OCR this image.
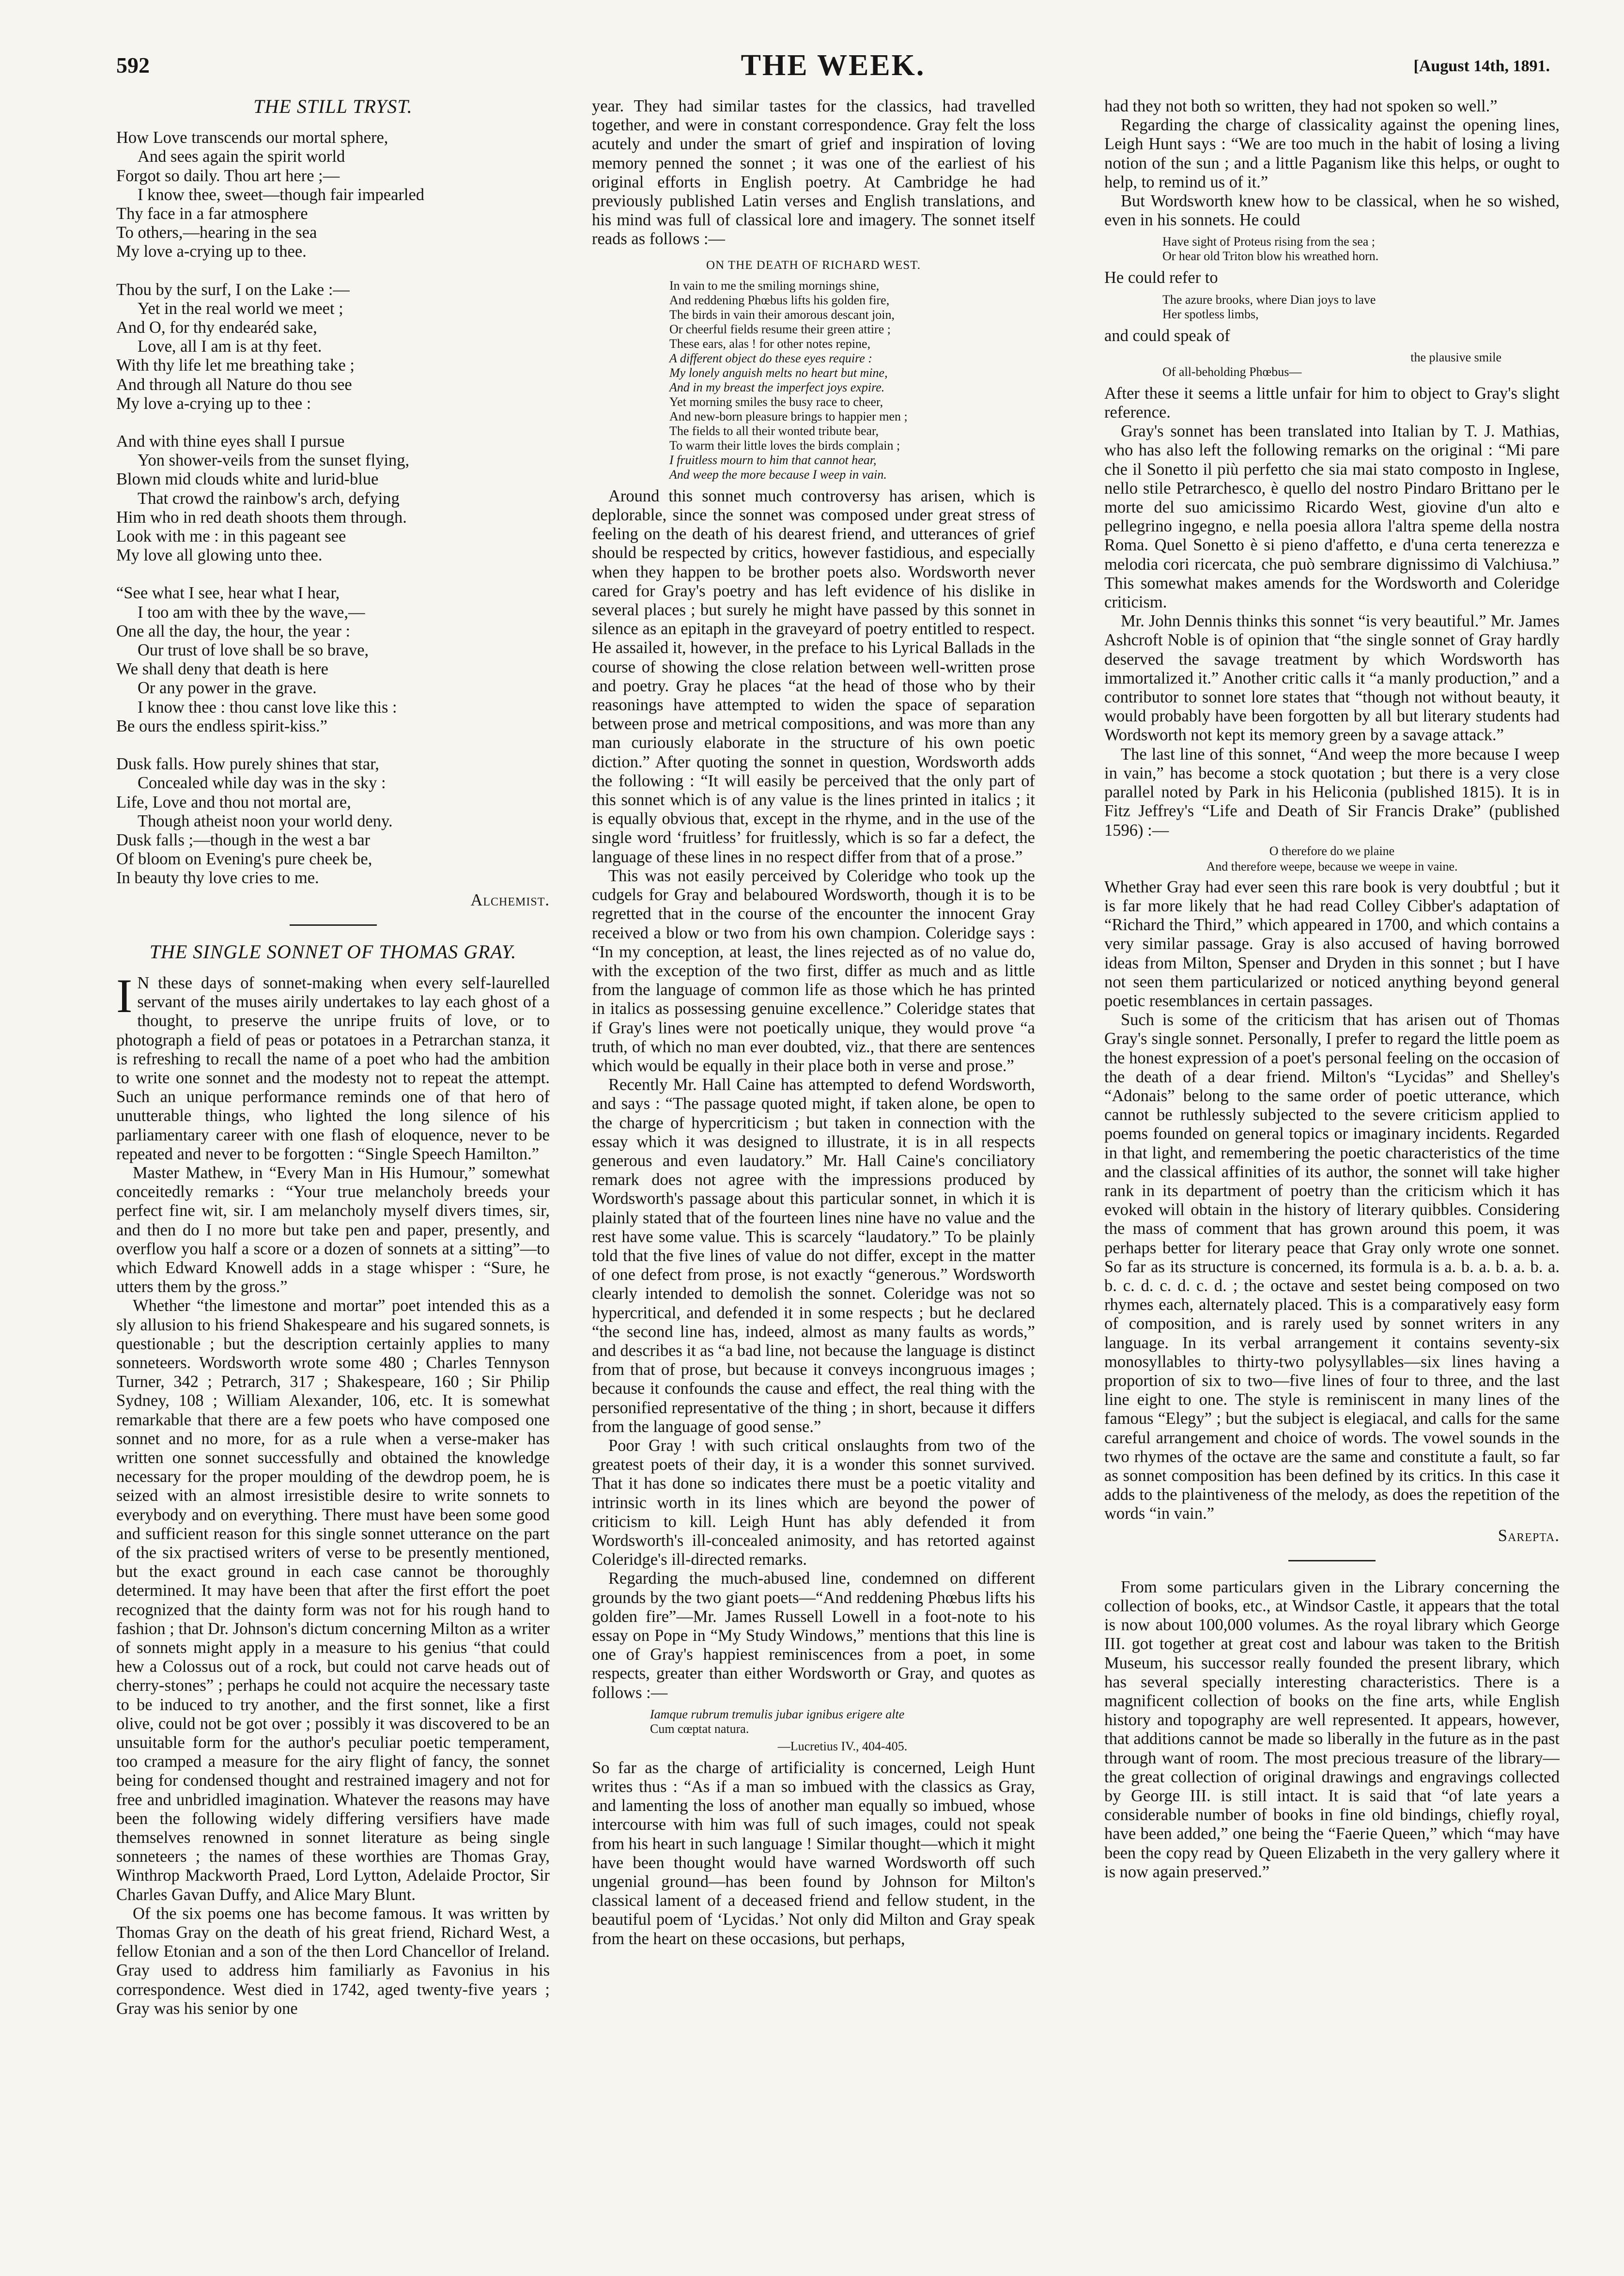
592	THE WEEK.	[August 14th, 1891.
THE STILL TRYST.

How Love transcends our mortal sphere,

And sees again the spirit world

Forgot so daily. Thou art here ;—

I know thee, sweet—though fair impearled

Thy face in a far atmosphere

To others,—hearing in the sea

My love a-crying up to thee.

Thou by the surf, I on the Lake :—

Yet in the real world we meet ;

And O, for thy endearéd sake,

Love, all I am is at thy feet.

With thy life let me breathing take ;

And through all Nature do thou see

My love a-crying up to thee :

And with thine eyes shall I pursue

Yon shower-veils from the sunset flying,

Blown mid clouds white and lurid-blue

That crowd the rainbow's arch, defying

Him who in red death shoots them through.

Look with me : in this pageant see

My love all glowing unto thee.

“See what I see, hear what I hear,

I too am with thee by the wave,—

One all the day, the hour, the year :

Our trust of love shall be so brave,

We shall deny that death is here

Or any power in the grave.

I know thee : thou canst love like this :

Be ours the endless spirit-kiss.”

Dusk falls. How purely shines that star,

Concealed while day was in the sky :

Life, Love and thou not mortal are,

Though atheist noon your world deny.

Dusk falls ;—though in the west a bar

Of bloom on Evening's pure cheek be,

In beauty thy love cries to me.

Alchemist.
THE SINGLE SONNET OF THOMAS GRAY.

I N these days of sonnet-making when every self-laurelled servant of the muses airily undertakes to lay each ghost of a thought, to preserve the unripe fruits of love, or to photograph a field of peas or potatoes in a Petrarchan stanza, it is refreshing to recall the name of a poet who had the ambition to write one sonnet and the modesty not to repeat the attempt. Such an unique performance reminds one of that hero of unutterable things, who lighted the long silence of his parliamentary career with one flash of eloquence, never to be repeated and never to be forgotten : “Single Speech Hamilton.”

Master Mathew, in “Every Man in His Humour,” somewhat conceitedly remarks : “Your true melancholy breeds your perfect fine wit, sir. I am melancholy myself divers times, sir, and then do I no more but take pen and paper, presently, and overflow you half a score or a dozen of sonnets at a sitting”—to which Edward Knowell adds in a stage whisper : “Sure, he utters them by the gross.”

Whether “the limestone and mortar” poet intended this as a sly allusion to his friend Shakespeare and his sugared sonnets, is questionable ; but the description certainly applies to many sonneteers. Wordsworth wrote some 480 ; Charles Tennyson Turner, 342 ; Petrarch, 317 ; Shakespeare, 160 ; Sir Philip Sydney, 108 ; William Alexander, 106, etc. It is somewhat remarkable that there are a few poets who have composed one sonnet and no more, for as a rule when a verse-maker has written one sonnet successfully and obtained the knowledge necessary for the proper moulding of the dewdrop poem, he is seized with an almost irresistible desire to write sonnets to everybody and on everything. There must have been some good and sufficient reason for this single sonnet utterance on the part of the six practised writers of verse to be presently mentioned, but the exact ground in each case cannot be thoroughly determined. It may have been that after the first effort the poet recognized that the dainty form was not for his rough hand to fashion ; that Dr. Johnson's dictum concerning Milton as a writer of sonnets might apply in a measure to his genius “that could hew a Colossus out of a rock, but could not carve heads out of cherry-stones” ; perhaps he could not acquire the necessary taste to be induced to try another, and the first sonnet, like a first olive, could not be got over ; possibly it was discovered to be an unsuitable form for the author's peculiar poetic temperament, too cramped a measure for the airy flight of fancy, the sonnet being for condensed thought and restrained imagery and not for free and unbridled imagination. Whatever the reasons may have been the following widely differing versifiers have made themselves renowned in sonnet literature as being single sonneteers ; the names of these worthies are Thomas Gray, Winthrop Mackworth Praed, Lord Lytton, Adelaide Proctor, Sir Charles Gavan Duffy, and Alice Mary Blunt.

Of the six poems one has become famous. It was written by Thomas Gray on the death of his great friend, Richard West, a fellow Etonian and a son of the then Lord Chancellor of Ireland. Gray used to address him familiarly as Favonius in his correspondence. West died in 1742, aged twenty-five years ; Gray was his senior by one

year. They had similar tastes for the classics, had travelled together, and were in constant correspondence. Gray felt the loss acutely and under the smart of grief and inspiration of loving memory penned the sonnet ; it was one of the earliest of his original efforts in English poetry. At Cambridge he had previously published Latin verses and English translations, and his mind was full of classical lore and imagery. The sonnet itself reads as follows :—

ON THE DEATH OF RICHARD WEST.

In vain to me the smiling mornings shine,

And reddening Phœbus lifts his golden fire,

The birds in vain their amorous descant join,

Or cheerful fields resume their green attire ;

These ears, alas ! for other notes repine,

A different object do these eyes require :

My lonely anguish melts no heart but mine,

And in my breast the imperfect joys expire.

Yet morning smiles the busy race to cheer,

And new-born pleasure brings to happier men ;

The fields to all their wonted tribute bear,

To warm their little loves the birds complain ;

I fruitless mourn to him that cannot hear,

And weep the more because I weep in vain.

Around this sonnet much controversy has arisen, which is deplorable, since the sonnet was composed under great stress of feeling on the death of his dearest friend, and utterances of grief should be respected by critics, however fastidious, and especially when they happen to be brother poets also. Wordsworth never cared for Gray's poetry and has left evidence of his dislike in several places ; but surely he might have passed by this sonnet in silence as an epitaph in the graveyard of poetry entitled to respect. He assailed it, however, in the preface to his Lyrical Ballads in the course of showing the close relation between well-written prose and poetry. Gray he places “at the head of those who by their reasonings have attempted to widen the space of separation between prose and metrical compositions, and was more than any man curiously elaborate in the structure of his own poetic diction.” After quoting the sonnet in question, Wordsworth adds the following : “It will easily be perceived that the only part of this sonnet which is of any value is the lines printed in italics ; it is equally obvious that, except in the rhyme, and in the use of the single word ‘fruitless’ for fruitlessly, which is so far a defect, the language of these lines in no respect differ from that of a prose.”

This was not easily perceived by Coleridge who took up the cudgels for Gray and belaboured Wordsworth, though it is to be regretted that in the course of the encounter the innocent Gray received a blow or two from his own champion. Coleridge says : “In my conception, at least, the lines rejected as of no value do, with the exception of the two first, differ as much and as little from the language of common life as those which he has printed in italics as possessing genuine excellence.” Coleridge states that if Gray's lines were not poetically unique, they would prove “a truth, of which no man ever doubted, viz., that there are sentences which would be equally in their place both in verse and prose.”

Recently Mr. Hall Caine has attempted to defend Wordsworth, and says : “The passage quoted might, if taken alone, be open to the charge of hypercriticism ; but taken in connection with the essay which it was designed to illustrate, it is in all respects generous and even laudatory.” Mr. Hall Caine's conciliatory remark does not agree with the impressions produced by Wordsworth's passage about this particular sonnet, in which it is plainly stated that of the fourteen lines nine have no value and the rest have some value. This is scarcely “laudatory.” To be plainly told that the five lines of value do not differ, except in the matter of one defect from prose, is not exactly “generous.” Wordsworth clearly intended to demolish the sonnet. Coleridge was not so hypercritical, and defended it in some respects ; but he declared “the second line has, indeed, almost as many faults as words,” and describes it as “a bad line, not because the language is distinct from that of prose, but because it conveys incongruous images ; because it confounds the cause and effect, the real thing with the personified representative of the thing ; in short, because it differs from the language of good sense.”

Poor Gray ! with such critical onslaughts from two of the greatest poets of their day, it is a wonder this sonnet survived. That it has done so indicates there must be a poetic vitality and intrinsic worth in its lines which are beyond the power of criticism to kill. Leigh Hunt has ably defended it from Wordsworth's ill-concealed animosity, and has retorted against Coleridge's ill-directed remarks.

Regarding the much-abused line, condemned on different grounds by the two giant poets—“And reddening Phœbus lifts his golden fire”—Mr. James Russell Lowell in a foot-note to his essay on Pope in “My Study Windows,” mentions that this line is one of Gray's happiest reminiscences from a poet, in some respects, greater than either Wordsworth or Gray, and quotes as follows :—

Iamque rubrum tremulis jubar ignibus erigere alte

Cum cœptat natura.

—Lucretius IV., 404-405.

So far as the charge of artificiality is concerned, Leigh Hunt writes thus : “As if a man so imbued with the classics as Gray, and lamenting the loss of another man equally so imbued, whose intercourse with him was full of such images, could not speak from his heart in such language ! Similar thought—which it might have been thought would have warned Wordsworth off such ungenial ground—has been found by Johnson for Milton's classical lament of a deceased friend and fellow student, in the beautiful poem of ‘Lycidas.’ Not only did Milton and Gray speak from the heart on these occasions, but perhaps,

had they not both so written, they had not spoken so well.”

Regarding the charge of classicality against the opening lines, Leigh Hunt says : “We are too much in the habit of losing a living notion of the sun ; and a little Paganism like this helps, or ought to help, to remind us of it.”

But Wordsworth knew how to be classical, when he so wished, even in his sonnets. He could

Have sight of Proteus rising from the sea ;

Or hear old Triton blow his wreathed horn.

He could refer to

The azure brooks, where Dian joys to lave

Her spotless limbs,

and could speak of

the plausive smile

Of all-beholding Phœbus—

After these it seems a little unfair for him to object to Gray's slight reference.

Gray's sonnet has been translated into Italian by T. J. Mathias, who has also left the following remarks on the original : “Mi pare che il Sonetto il più perfetto che sia mai stato composto in Inglese, nello stile Petrarchesco, è quello del nostro Pindaro Brittano per le morte del suo amicissimo Ricardo West, giovine d'un alto e pellegrino ingegno, e nella poesia allora l'altra speme della nostra Roma. Quel Sonetto è si pieno d'affetto, e d'una certa tenerezza e melodia cori ricercata, che può sembrare dignissimo di Valchiusa.” This somewhat makes amends for the Wordsworth and Coleridge criticism.

Mr. John Dennis thinks this sonnet “is very beautiful.” Mr. James Ashcroft Noble is of opinion that “the single sonnet of Gray hardly deserved the savage treatment by which Wordsworth has immortalized it.” Another critic calls it “a manly production,” and a contributor to sonnet lore states that “though not without beauty, it would probably have been forgotten by all but literary students had Wordsworth not kept its memory green by a savage attack.”

The last line of this sonnet, “And weep the more because I weep in vain,” has become a stock quotation ; but there is a very close parallel noted by Park in his Heliconia (published 1815). It is in Fitz Jeffrey's “Life and Death of Sir Francis Drake” (published 1596) :—

O therefore do we plaine

And therefore weepe, because we weepe in vaine.

Whether Gray had ever seen this rare book is very doubtful ; but it is far more likely that he had read Colley Cibber's adaptation of “Richard the Third,” which appeared in 1700, and which contains a very similar passage. Gray is also accused of having borrowed ideas from Milton, Spenser and Dryden in this sonnet ; but I have not seen them particularized or noticed anything beyond general poetic resemblances in certain passages.

Such is some of the criticism that has arisen out of Thomas Gray's single sonnet. Personally, I prefer to regard the little poem as the honest expression of a poet's personal feeling on the occasion of the death of a dear friend. Milton's “Lycidas” and Shelley's “Adonais” belong to the same order of poetic utterance, which cannot be ruthlessly subjected to the severe criticism applied to poems founded on general topics or imaginary incidents. Regarded in that light, and remembering the poetic characteristics of the time and the classical affinities of its author, the sonnet will take higher rank in its department of poetry than the criticism which it has evoked will obtain in the history of literary quibbles. Considering the mass of comment that has grown around this poem, it was perhaps better for literary peace that Gray only wrote one sonnet. So far as its structure is concerned, its formula is a. b. a. b. a. b. a. b. c. d. c. d. c. d. ; the octave and sestet being composed on two rhymes each, alternately placed. This is a comparatively easy form of composition, and is rarely used by sonnet writers in any language. In its verbal arrangement it contains seventy-six monosyllables to thirty-two polysyllables—six lines having a proportion of six to two—five lines of four to three, and the last line eight to one. The style is reminiscent in many lines of the famous “Elegy” ; but the subject is elegiacal, and calls for the same careful arrangement and choice of words. The vowel sounds in the two rhymes of the octave are the same and constitute a fault, so far as sonnet composition has been defined by its critics. In this case it adds to the plaintiveness of the melody, as does the repetition of the words “in vain.”

Sarepta.

From some particulars given in the Library concerning the collection of books, etc., at Windsor Castle, it appears that the total is now about 100,000 volumes. As the royal library which George III. got together at great cost and labour was taken to the British Museum, his successor really founded the present library, which has several specially interesting characteristics. There is a magnificent collection of books on the fine arts, while English history and topography are well represented. It appears, however, that additions cannot be made so liberally in the future as in the past through want of room. The most precious treasure of the library—the great collection of original drawings and engravings collected by George III. is still intact. It is said that “of late years a considerable number of books in fine old bindings, chiefly royal, have been added,” one being the “Faerie Queen,” which “may have been the copy read by Queen Elizabeth in the very gallery where it is now again preserved.”
